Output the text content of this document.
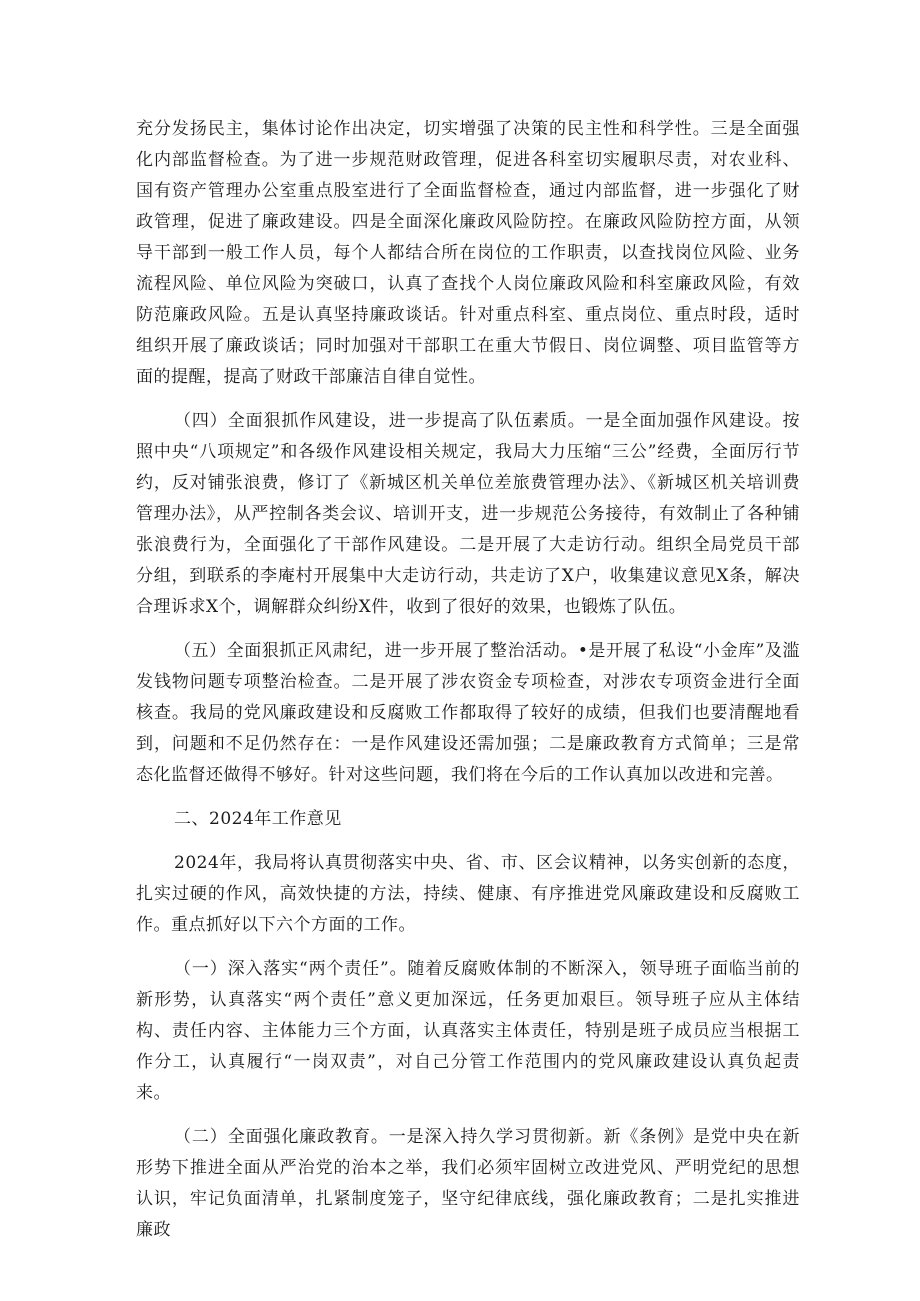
充分发扬民主，集体讨论作出决定，切实增强了决策的民主性和科学性。三是全面强化内部监督检查。为了进一步规范财政管理，促进各科室切实履职尽责，对农业科、国有资产管理办公室重点股室进行了全面监督检查，通过内部监督，进一步强化了财政管理，促进了廉政建设。四是全面深化廉政风险防控。在廉政风险防控方面，从领导干部到一般工作人员，每个人都结合所在岗位的工作职责，以查找岗位风险、业务流程风险、单位风险为突破口，认真了查找个人岗位廉政风险和科室廉政风险，有效防范廉政风险。五是认真坚持廉政谈话。针对重点科室、重点岗位、重点时段，适时组织开展了廉政谈话；同时加强对干部职工在重大节假日、岗位调整、项目监管等方面的提醒，提高了财政干部廉洁自律自觉性。

（四）全面狠抓作风建设，进一步提高了队伍素质。一是全面加强作风建设。按照中央“八项规定”和各级作风建设相关规定，我局大力压缩“三公”经费，全面厉行节约，反对铺张浪费，修订了《新城区机关单位差旅费管理办法》、《新城区机关培训费管理办法》，从严控制各类会议、培训开支，进一步规范公务接待，有效制止了各种铺张浪费行为，全面强化了干部作风建设。二是开展了大走访行动。组织全局党员干部分组，到联系的李庵村开展集中大走访行动，共走访了X户，收集建议意见X条，解决合理诉求X个，调解群众纠纷X件，收到了很好的效果，也锻炼了队伍。

（五）全面狠抓正风肃纪，进一步开展了整治活动。•是开展了私设“小金库”及滥发钱物问题专项整治检查。二是开展了涉农资金专项检查，对涉农专项资金进行全面核查。我局的党风廉政建设和反腐败工作都取得了较好的成绩，但我们也要清醒地看到，问题和不足仍然存在：一是作风建设还需加强；二是廉政教育方式简单；三是常态化监督还做得不够好。针对这些问题，我们将在今后的工作认真加以改进和完善。

二、2024年工作意见

2024年，我局将认真贯彻落实中央、省、市、区会议精神，以务实创新的态度，扎实过硬的作风，高效快捷的方法，持续、健康、有序推进党风廉政建设和反腐败工作。重点抓好以下六个方面的工作。

（一）深入落实“两个责任”。随着反腐败体制的不断深入，领导班子面临当前的新形势，认真落实“两个责任”意义更加深远，任务更加艰巨。领导班子应从主体结构、责任内容、主体能力三个方面，认真落实主体责任，特别是班子成员应当根据工作分工，认真履行“一岗双责”，对自己分管工作范围内的党风廉政建设认真负起责来。

（二）全面强化廉政教育。一是深入持久学习贯彻新。新《条例》是党中央在新形势下推进全面从严治党的治本之举，我们必须牢固树立改进党风、严明党纪的思想认识，牢记负面清单，扎紧制度笼子，坚守纪律底线，强化廉政教育；二是扎实推进廉政
